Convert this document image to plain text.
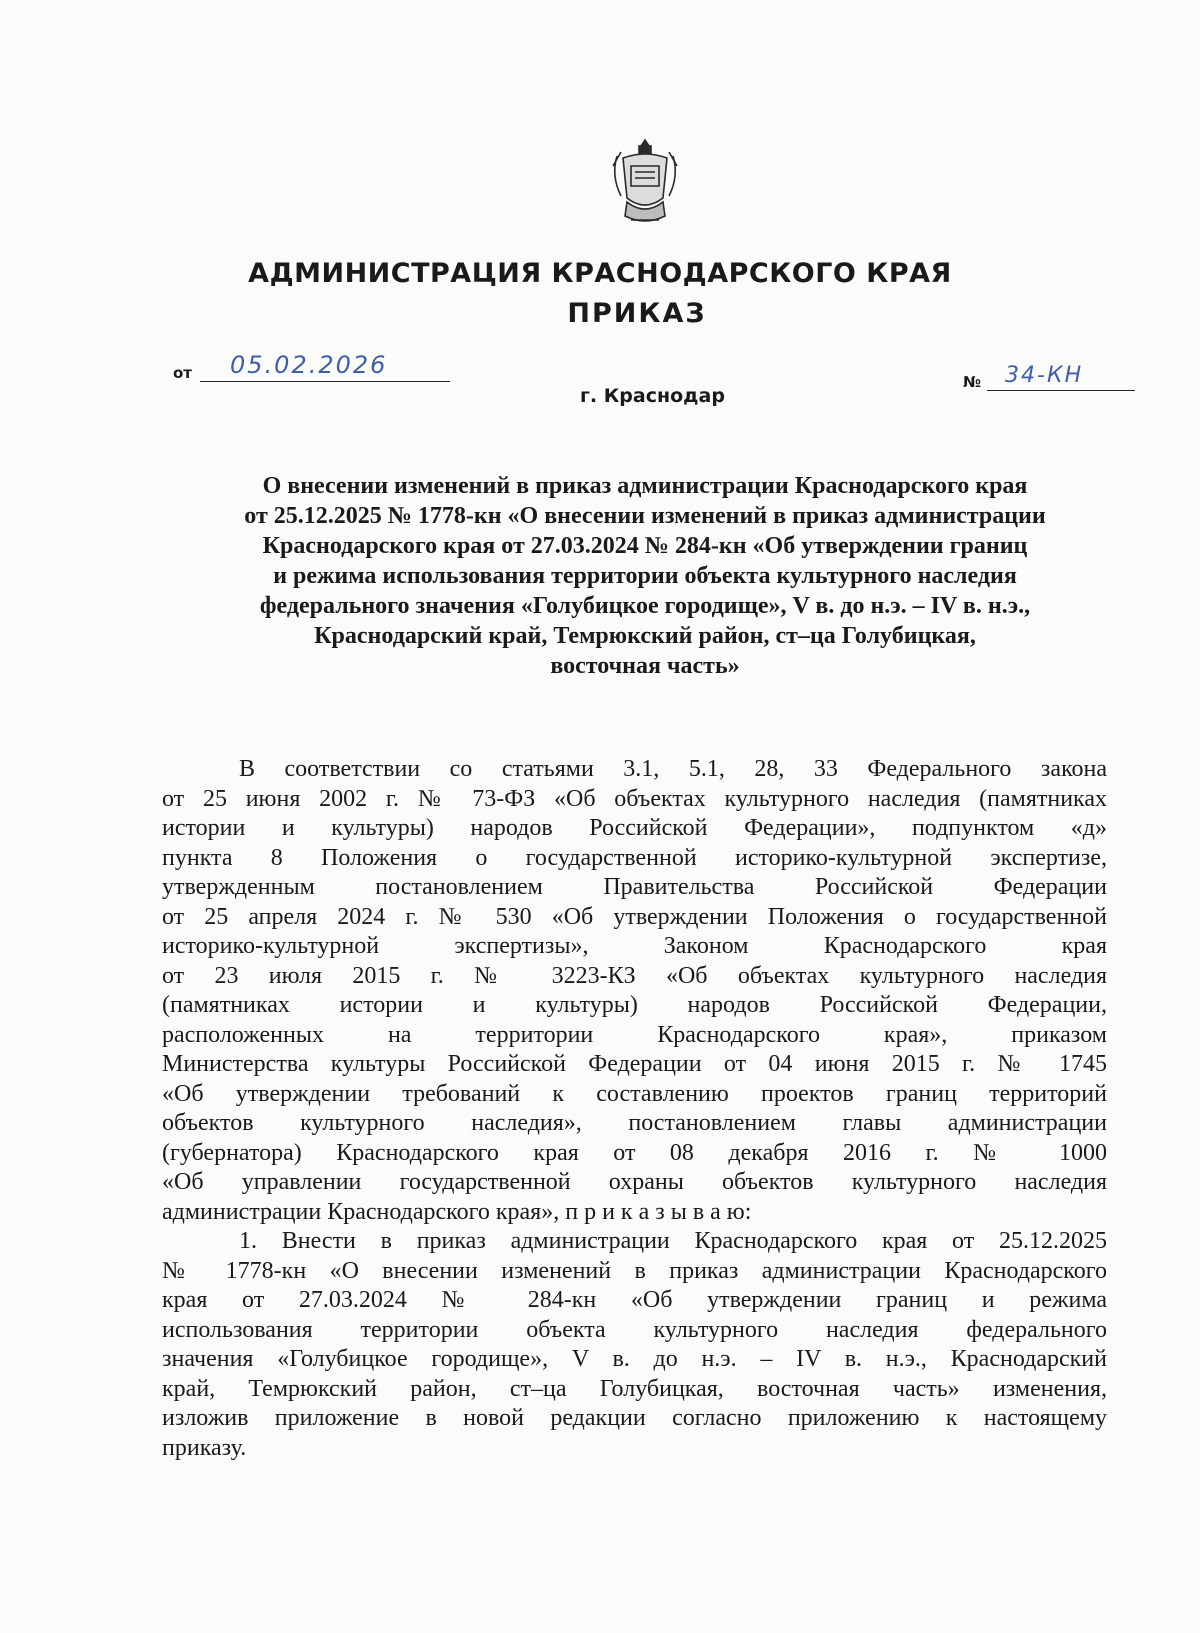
АДМИНИСТРАЦИЯ КРАСНОДАРСКОГО КРАЯ
ПРИКАЗ
от 05.02.2026
№ 34-КН
г. Краснодар
О внесении изменений в приказ администрации Краснодарского края
от 25.12.2025 № 1778-кн «О внесении изменений в приказ администрации
Краснодарского края от 27.03.2024 № 284-кн «Об утверждении границ
и режима использования территории объекта культурного наследия
федерального значения «Голубицкое городище», V в. до н.э. – IV в. н.э.,
Краснодарский край, Темрюкский район, ст–ца Голубицкая,
восточная часть»
В соответствии со статьями 3.1, 5.1, 28, 33 Федерального закона
от 25 июня 2002 г. № 73-ФЗ «Об объектах культурного наследия (памятниках
истории и культуры) народов Российской Федерации», подпунктом «д»
пункта 8 Положения о государственной историко-культурной экспертизе,
утвержденным постановлением Правительства Российской Федерации
от 25 апреля 2024 г. № 530 «Об утверждении Положения о государственной
историко-культурной экспертизы», Законом Краснодарского края
от 23 июля 2015 г. № 3223-КЗ «Об объектах культурного наследия
(памятниках истории и культуры) народов Российской Федерации,
расположенных на территории Краснодарского края», приказом
Министерства культуры Российской Федерации от 04 июня 2015 г. № 1745
«Об утверждении требований к составлению проектов границ территорий
объектов культурного наследия», постановлением главы администрации
(губернатора) Краснодарского края от 08 декабря 2016 г. № 1000
«Об управлении государственной охраны объектов культурного наследия
администрации Краснодарского края», п р и к а з ы в а ю:
1. Внести в приказ администрации Краснодарского края от 25.12.2025
№ 1778-кн «О внесении изменений в приказ администрации Краснодарского
края от 27.03.2024 № 284-кн «Об утверждении границ и режима
использования территории объекта культурного наследия федерального
значения «Голубицкое городище», V в. до н.э. – IV в. н.э., Краснодарский
край, Темрюкский район, ст–ца Голубицкая, восточная часть» изменения,
изложив приложение в новой редакции согласно приложению к настоящему
приказу.
